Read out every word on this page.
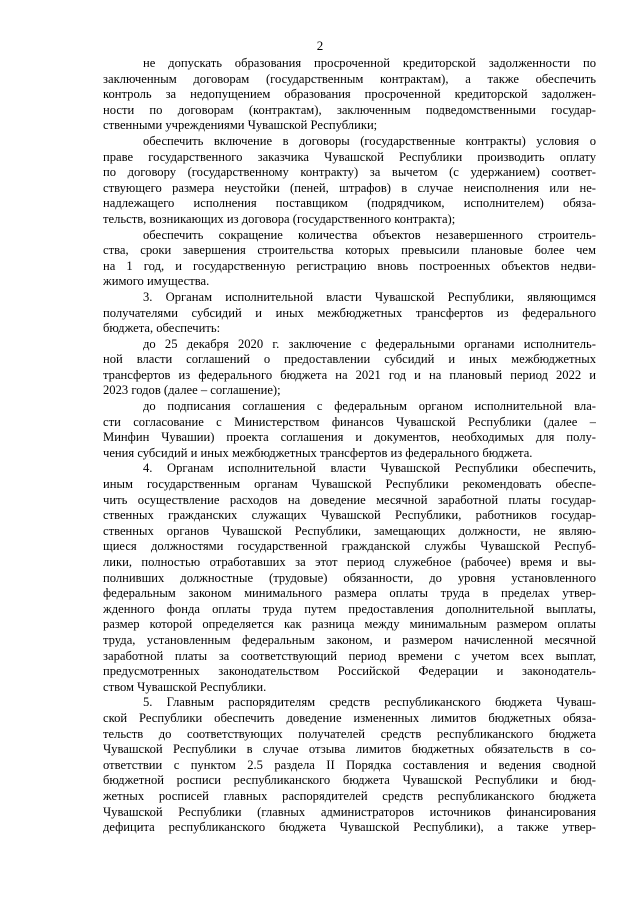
2
не допускать образования просроченной кредиторской задолженности по
заключенным договорам (государственным контрактам), а также обеспечить
контроль за недопущением образования просроченной кредиторской задолжен-
ности по договорам (контрактам), заключенным подведомственными государ-
ственными учреждениями Чувашской Республики;
обеспечить включение в договоры (государственные контракты) условия о
праве государственного заказчика Чувашской Республики производить оплату
по договору (государственному контракту) за вычетом (с удержанием) соответ-
ствующего размера неустойки (пеней, штрафов) в случае неисполнения или не-
надлежащего исполнения поставщиком (подрядчиком, исполнителем) обяза-
тельств, возникающих из договора (государственного контракта);
обеспечить сокращение количества объектов незавершенного строитель-
ства, сроки завершения строительства которых превысили плановые более чем
на 1 год, и государственную регистрацию вновь построенных объектов недви-
жимого имущества.
3. Органам исполнительной власти Чувашской Республики, являющимся
получателями субсидий и иных межбюджетных трансфертов из федерального
бюджета, обеспечить:
до 25 декабря 2020 г. заключение с федеральными органами исполнитель-
ной власти соглашений о предоставлении субсидий и иных межбюджетных
трансфертов из федерального бюджета на 2021 год и на плановый период 2022 и
2023 годов (далее – соглашение);
до подписания соглашения с федеральным органом исполнительной вла-
сти согласование с Министерством финансов Чувашской Республики (далее –
Минфин Чувашии) проекта соглашения и документов, необходимых для полу-
чения субсидий и иных межбюджетных трансфертов из федерального бюджета.
4. Органам исполнительной власти Чувашской Республики обеспечить,
иным государственным органам Чувашской Республики рекомендовать обеспе-
чить осуществление расходов на доведение месячной заработной платы государ-
ственных гражданских служащих Чувашской Республики, работников государ-
ственных органов Чувашской Республики, замещающих должности, не являю-
щиеся должностями государственной гражданской службы Чувашской Респуб-
лики, полностью отработавших за этот период служебное (рабочее) время и вы-
полнивших должностные (трудовые) обязанности, до уровня установленного
федеральным законом минимального размера оплаты труда в пределах утвер-
жденного фонда оплаты труда путем предоставления дополнительной выплаты,
размер которой определяется как разница между минимальным размером оплаты
труда, установленным федеральным законом, и размером начисленной месячной
заработной платы за соответствующий период времени с учетом всех выплат,
предусмотренных законодательством Российской Федерации и законодатель-
ством Чувашской Республики.
5. Главным распорядителям средств республиканского бюджета Чуваш-
ской Республики обеспечить доведение измененных лимитов бюджетных обяза-
тельств до соответствующих получателей средств республиканского бюджета
Чувашской Республики в случае отзыва лимитов бюджетных обязательств в со-
ответствии с пунктом 2.5 раздела II Порядка составления и ведения сводной
бюджетной росписи республиканского бюджета Чувашской Республики и бюд-
жетных росписей главных распорядителей средств республиканского бюджета
Чувашской Республики (главных администраторов источников финансирования
дефицита республиканского бюджета Чувашской Республики), а также утвер-
